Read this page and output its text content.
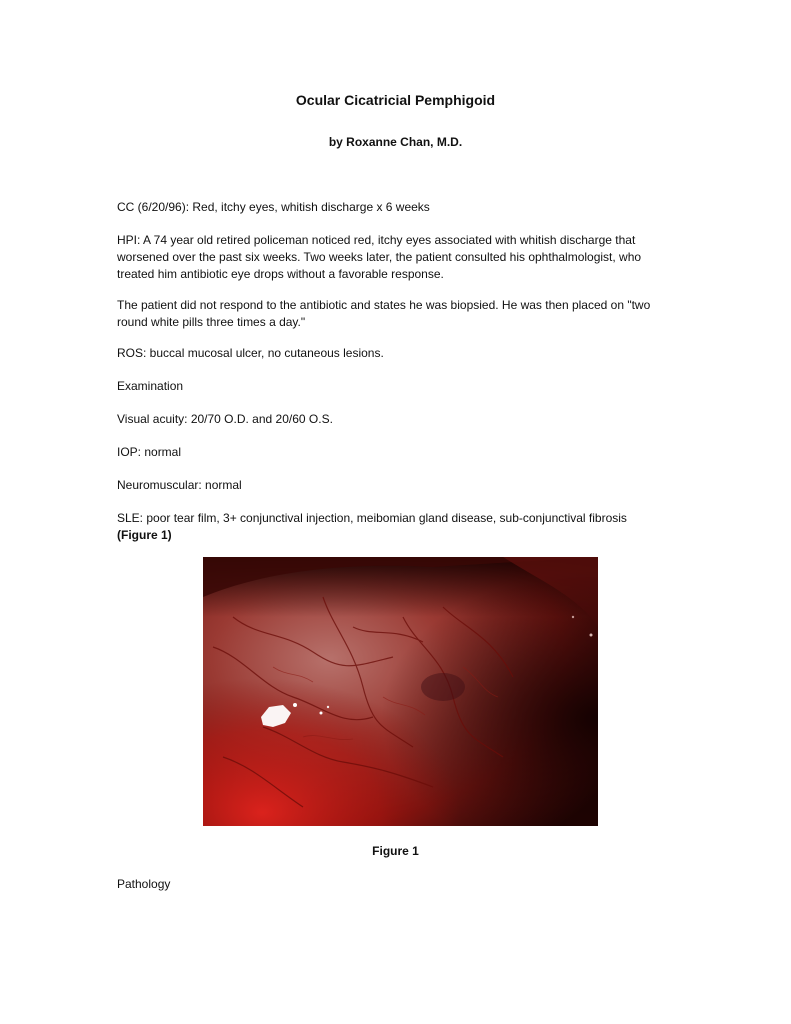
Ocular Cicatricial Pemphigoid
by Roxanne Chan, M.D.

CC (6/20/96): Red, itchy eyes, whitish discharge x 6 weeks

HPI: A 74 year old retired policeman noticed red, itchy eyes associated with whitish discharge that worsened over the past six weeks. Two weeks later, the patient consulted his ophthalmologist, who treated him antibiotic eye drops without a favorable response.

The patient did not respond to the antibiotic and states he was biopsied. He was then placed on "two round white pills three times a day."

ROS: buccal mucosal ulcer, no cutaneous lesions.

Examination

Visual acuity: 20/70 O.D. and 20/60 O.S.

IOP: normal

Neuromuscular: normal

SLE: poor tear film, 3+ conjunctival injection, meibomian gland disease, sub-conjunctival fibrosis
(Figure 1)

Figure 1

Pathology
